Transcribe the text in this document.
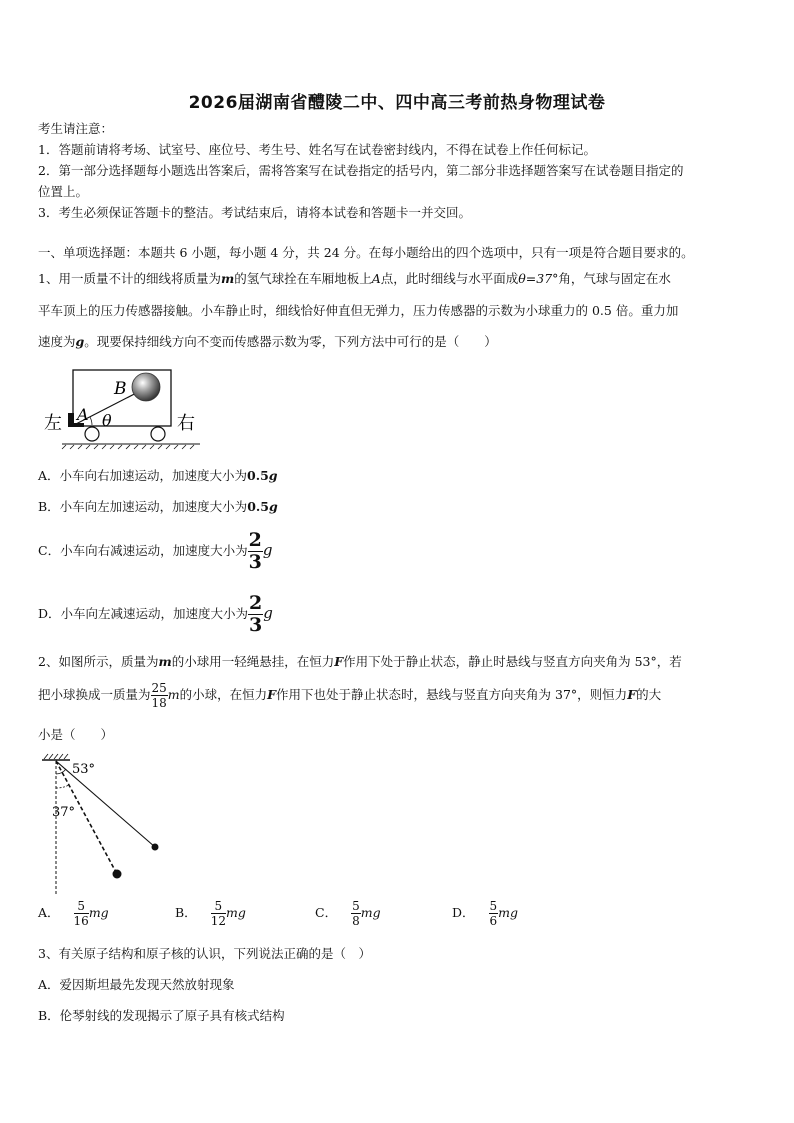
2026届湖南省醴陵二中、四中高三考前热身物理试卷
考生请注意：
1．答题前请将考场、试室号、座位号、考生号、姓名写在试卷密封线内，不得在试卷上作任何标记。
2．第一部分选择题每小题选出答案后，需将答案写在试卷指定的括号内，第二部分非选择题答案写在试卷题目指定的
位置上。
3．考生必须保证答题卡的整洁。考试结束后，请将本试卷和答题卡一并交回。
一、单项选择题：本题共 6 小题，每小题 4 分，共 24 分。在每小题给出的四个选项中，只有一项是符合题目要求的。
1、用一质量不计的细线将质量为m的氢气球拴在车厢地板上A点，此时细线与水平面成θ=37°角，气球与固定在水
平车顶上的压力传感器接触。小车静止时，细线恰好伸直但无弹力，压力传感器的示数为小球重力的 0.5 倍。重力加
速度为g。现要保持细线方向不变而传感器示数为零，下列方法中可行的是（　　）
左	右
B
A θ
A．小车向右加速运动，加速度大小为0.5g
B．小车向左加速运动，加速度大小为0.5g
C．小车向右减速运动，加速度大小为 $\frac{2}{3}$ g
D．小车向左减速运动，加速度大小为 $\frac{2}{3}$ g
2、如图所示，质量为m的小球用一轻绳悬挂，在恒力F作用下处于静止状态，静止时悬线与竖直方向夹角为 53°，若
把小球换成一质量为 $\frac{25}{18}$ m的小球，在恒力F作用下也处于静止状态时，悬线与竖直方向夹角为 37°，则恒力F的大
小是（　　）
53°
37°
A． $\frac{5}{16}$ mg	B． $\frac{5}{12}$ mg	C． $\frac{5}{8}$ mg	D． $\frac{5}{6}$ mg
3、有关原子结构和原子核的认识，下列说法正确的是（　）
A．爱因斯坦最先发现天然放射现象
B．伦琴射线的发现揭示了原子具有核式结构
